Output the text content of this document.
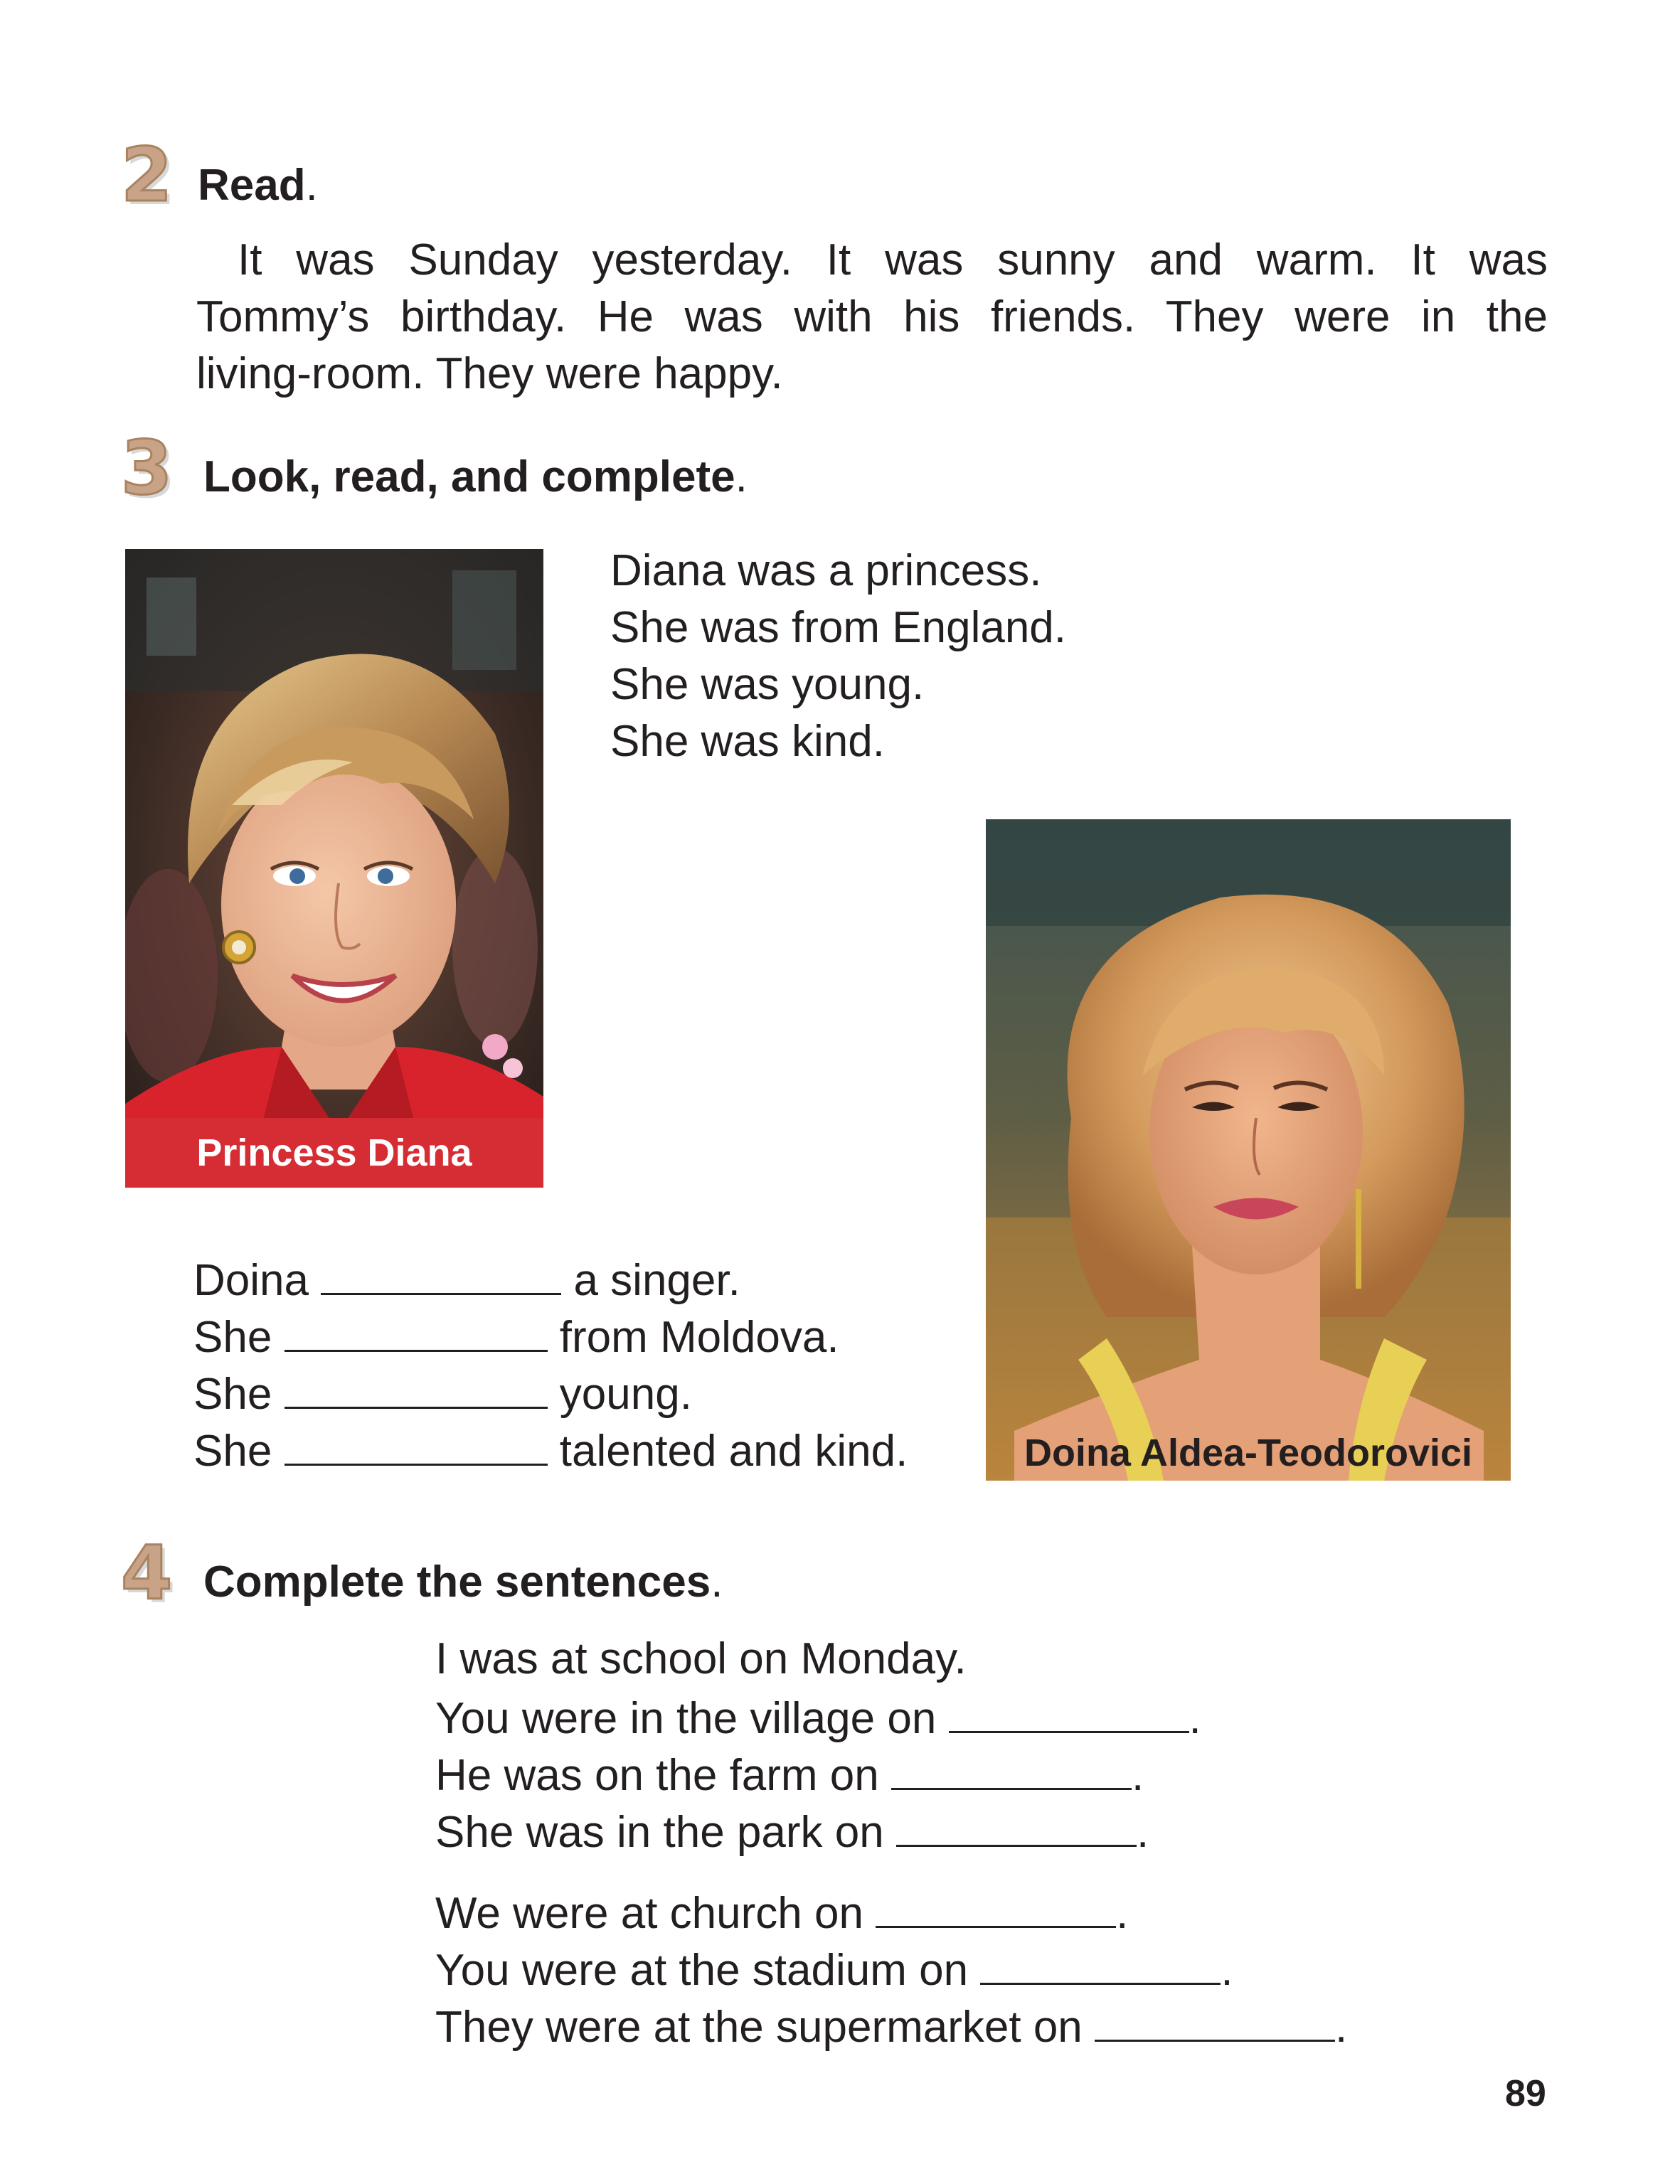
2 Read.
It was Sunday yesterday. It was sunny and warm. It was
Tommy’s birthday. He was with his friends. They were in the
living-room. They were happy.
3 Look, read, and complete.
Princess Diana
Diana was a princess.
She was from England.
She was young.
She was kind.
Doina Aldea-Teodorovici
Doina	a singer.
She	from Moldova.
She	young.
She	talented and kind.
4 Complete the sentences.
I was at school on Monday.
You were in the village on	.
He was on the farm on	.
She was in the park on	.
We were at church on	.
You were at the stadium on	.
They were at the supermarket on	.
89
